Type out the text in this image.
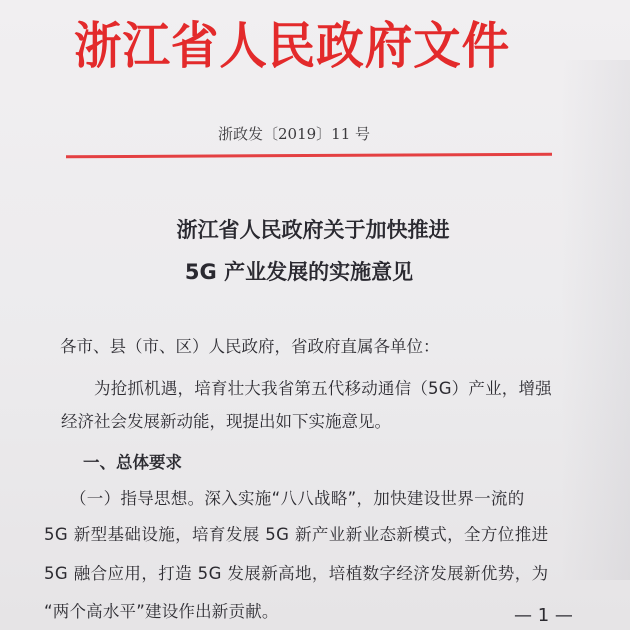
浙江省人民政府文件
浙政发〔2019〕11 号
浙江省人民政府关于加快推进
5G 产业发展的实施意见
各市、县（市、区）人民政府，省政府直属各单位：
为抢抓机遇，培育壮大我省第五代移动通信（5G）产业，增强
经济社会发展新动能，现提出如下实施意见。
一、总体要求
（一）指导思想。深入实施“八八战略”，加快建设世界一流的
5G 新型基础设施，培育发展 5G 新产业新业态新模式，全方位推进
5G 融合应用，打造 5G 发展新高地，培植数字经济发展新优势，为
“两个高水平”建设作出新贡献。	— 1 —
